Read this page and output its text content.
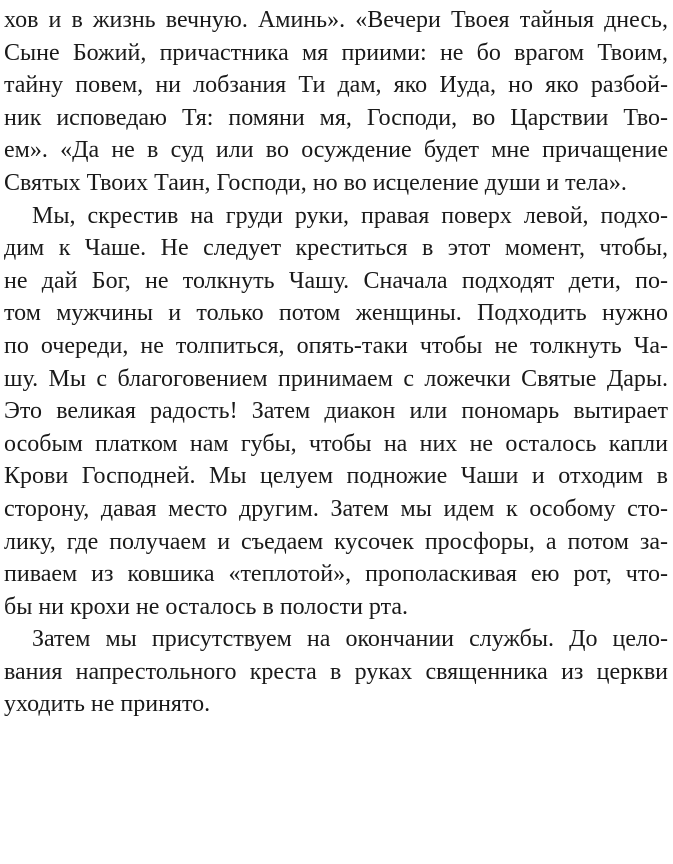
хов и в жизнь вечную. Аминь». «Вечери Твоея тайныя днесь,
Сыне Божий, причастника мя приими: не бо врагом Твоим,
тайну повем, ни лобзания Ти дам, яко Иуда, но яко разбой-
ник исповедаю Тя: помяни мя, Господи, во Царствии Тво-
ем». «Да не в суд или во осуждение будет мне причащение
Святых Твоих Таин, Господи, но во исцеление души и тела».
Мы, скрестив на груди руки, правая поверх левой, подхо-
дим к Чаше. Не следует креститься в этот момент, чтобы,
не дай Бог, не толкнуть Чашу. Сначала подходят дети, по-
том мужчины и только потом женщины. Подходить нужно
по очереди, не толпиться, опять-таки чтобы не толкнуть Ча-
шу. Мы с благоговением принимаем с ложечки Святые Дары.
Это великая радость! Затем диакон или пономарь вытирает
особым платком нам губы, чтобы на них не осталось капли
Крови Господней. Мы целуем подножие Чаши и отходим в
сторону, давая место другим. Затем мы идем к особому сто-
лику, где получаем и съедаем кусочек просфоры, а потом за-
пиваем из ковшика «теплотой», прополаскивая ею рот, что-
бы ни крохи не осталось в полости рта.
Затем мы присутствуем на окончании службы. До цело-
вания напрестольного креста в руках священника из церкви
уходить не принято.
